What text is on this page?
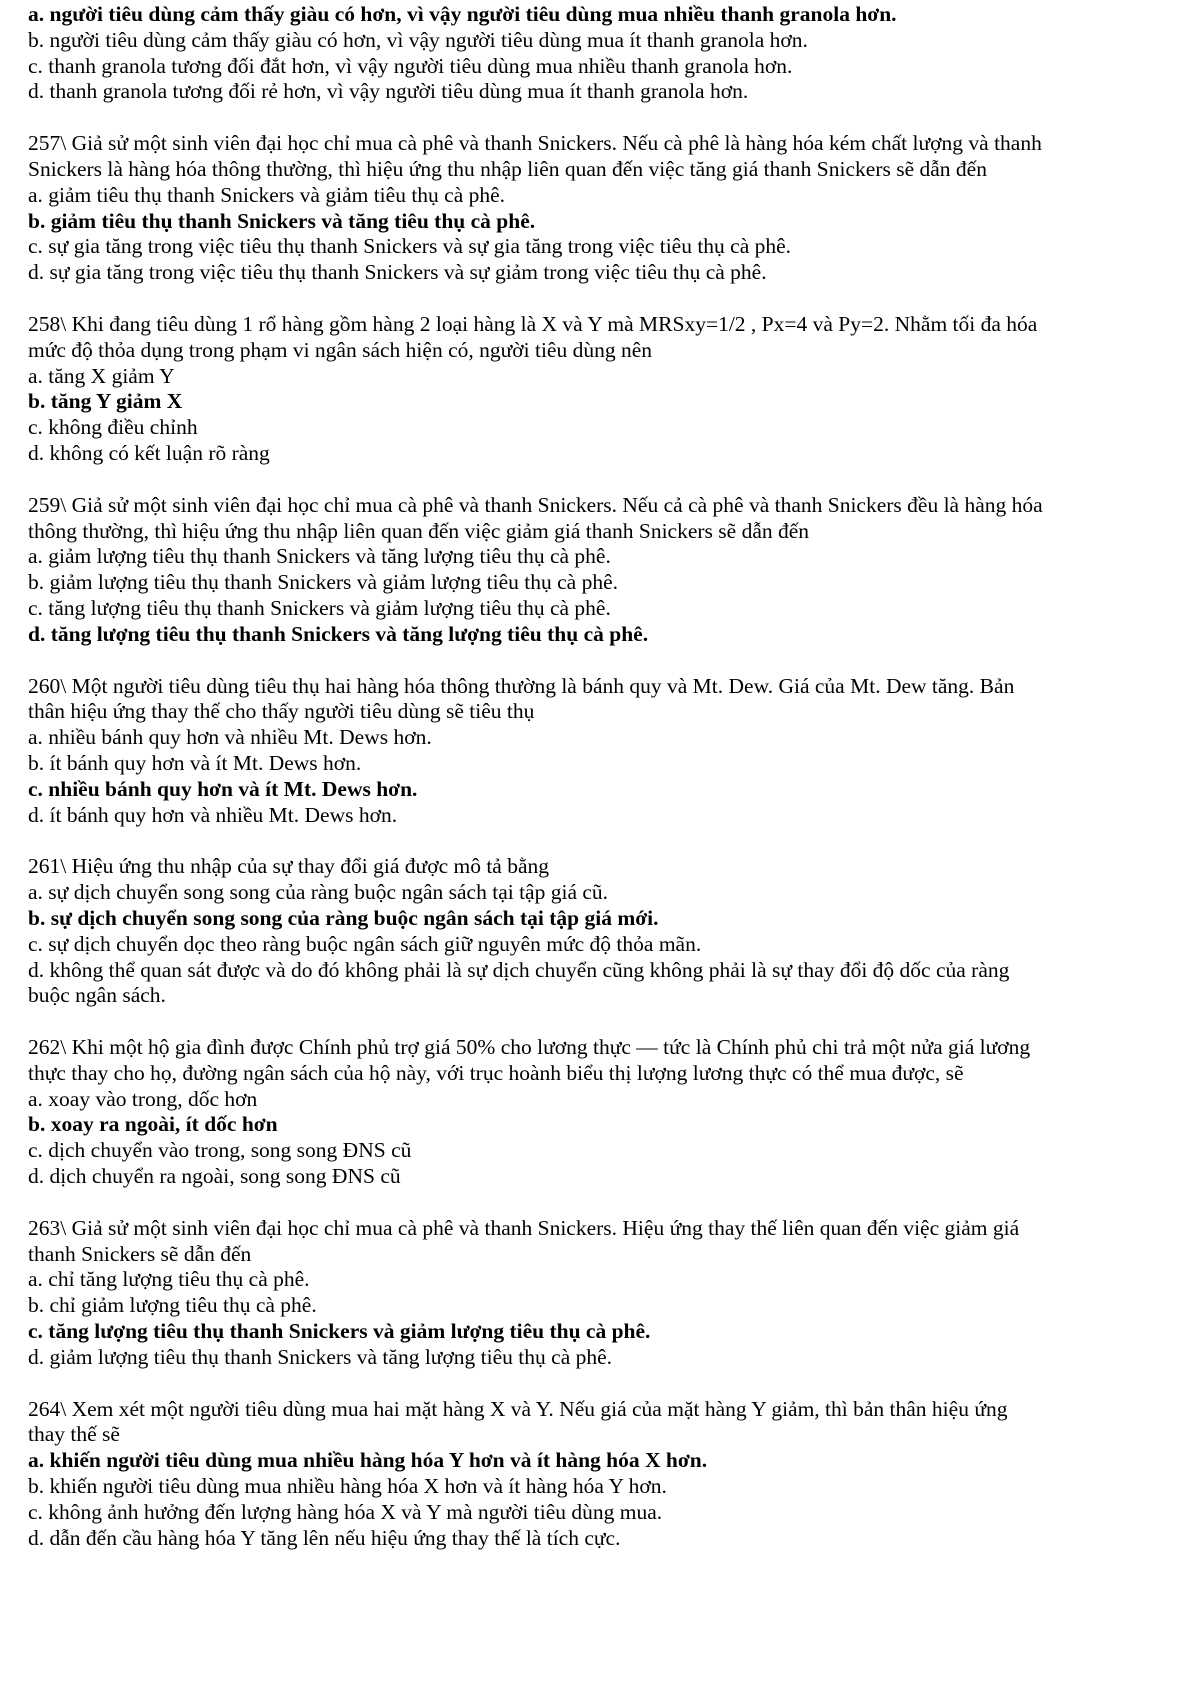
a. người tiêu dùng cảm thấy giàu có hơn, vì vậy người tiêu dùng mua nhiều thanh granola hơn.
b. người tiêu dùng cảm thấy giàu có hơn, vì vậy người tiêu dùng mua ít thanh granola hơn.
c. thanh granola tương đối đắt hơn, vì vậy người tiêu dùng mua nhiều thanh granola hơn.
d. thanh granola tương đối rẻ hơn, vì vậy người tiêu dùng mua ít thanh granola hơn.
257\ Giả sử một sinh viên đại học chỉ mua cà phê và thanh Snickers. Nếu cà phê là hàng hóa kém chất lượng và thanh
Snickers là hàng hóa thông thường, thì hiệu ứng thu nhập liên quan đến việc tăng giá thanh Snickers sẽ dẫn đến
a. giảm tiêu thụ thanh Snickers và giảm tiêu thụ cà phê.
b. giảm tiêu thụ thanh Snickers và tăng tiêu thụ cà phê.
c. sự gia tăng trong việc tiêu thụ thanh Snickers và sự gia tăng trong việc tiêu thụ cà phê.
d. sự gia tăng trong việc tiêu thụ thanh Snickers và sự giảm trong việc tiêu thụ cà phê.
258\ Khi đang tiêu dùng 1 rổ hàng gồm hàng 2 loại hàng là X và Y mà MRSxy=1/2 , Px=4 và Py=2. Nhằm tối đa hóa
mức độ thỏa dụng trong phạm vi ngân sách hiện có, người tiêu dùng nên
a. tăng X giảm Y
b. tăng Y giảm X
c. không điều chỉnh
d. không có kết luận rõ ràng
259\ Giả sử một sinh viên đại học chỉ mua cà phê và thanh Snickers. Nếu cả cà phê và thanh Snickers đều là hàng hóa
thông thường, thì hiệu ứng thu nhập liên quan đến việc giảm giá thanh Snickers sẽ dẫn đến
a. giảm lượng tiêu thụ thanh Snickers và tăng lượng tiêu thụ cà phê.
b. giảm lượng tiêu thụ thanh Snickers và giảm lượng tiêu thụ cà phê.
c. tăng lượng tiêu thụ thanh Snickers và giảm lượng tiêu thụ cà phê.
d. tăng lượng tiêu thụ thanh Snickers và tăng lượng tiêu thụ cà phê.
260\ Một người tiêu dùng tiêu thụ hai hàng hóa thông thường là bánh quy và Mt. Dew. Giá của Mt. Dew tăng. Bản
thân hiệu ứng thay thế cho thấy người tiêu dùng sẽ tiêu thụ
a. nhiều bánh quy hơn và nhiều Mt. Dews hơn.
b. ít bánh quy hơn và ít Mt. Dews hơn.
c. nhiều bánh quy hơn và ít Mt. Dews hơn.
d. ít bánh quy hơn và nhiều Mt. Dews hơn.
261\ Hiệu ứng thu nhập của sự thay đổi giá được mô tả bằng
a. sự dịch chuyển song song của ràng buộc ngân sách tại tập giá cũ.
b. sự dịch chuyển song song của ràng buộc ngân sách tại tập giá mới.
c. sự dịch chuyển dọc theo ràng buộc ngân sách giữ nguyên mức độ thỏa mãn.
d. không thể quan sát được và do đó không phải là sự dịch chuyển cũng không phải là sự thay đổi độ dốc của ràng
buộc ngân sách.
262\ Khi một hộ gia đình được Chính phủ trợ giá 50% cho lương thực — tức là Chính phủ chi trả một nửa giá lương
thực thay cho họ, đường ngân sách của hộ này, với trục hoành biểu thị lượng lương thực có thể mua được, sẽ
a. xoay vào trong, dốc hơn
b. xoay ra ngoài, ít dốc hơn
c. dịch chuyển vào trong, song song ĐNS cũ
d. dịch chuyển ra ngoài, song song ĐNS cũ
263\ Giả sử một sinh viên đại học chỉ mua cà phê và thanh Snickers. Hiệu ứng thay thế liên quan đến việc giảm giá
thanh Snickers sẽ dẫn đến
a. chỉ tăng lượng tiêu thụ cà phê.
b. chỉ giảm lượng tiêu thụ cà phê.
c. tăng lượng tiêu thụ thanh Snickers và giảm lượng tiêu thụ cà phê.
d. giảm lượng tiêu thụ thanh Snickers và tăng lượng tiêu thụ cà phê.
264\ Xem xét một người tiêu dùng mua hai mặt hàng X và Y. Nếu giá của mặt hàng Y giảm, thì bản thân hiệu ứng
thay thế sẽ
a. khiến người tiêu dùng mua nhiều hàng hóa Y hơn và ít hàng hóa X hơn.
b. khiến người tiêu dùng mua nhiều hàng hóa X hơn và ít hàng hóa Y hơn.
c. không ảnh hưởng đến lượng hàng hóa X và Y mà người tiêu dùng mua.
d. dẫn đến cầu hàng hóa Y tăng lên nếu hiệu ứng thay thế là tích cực.
